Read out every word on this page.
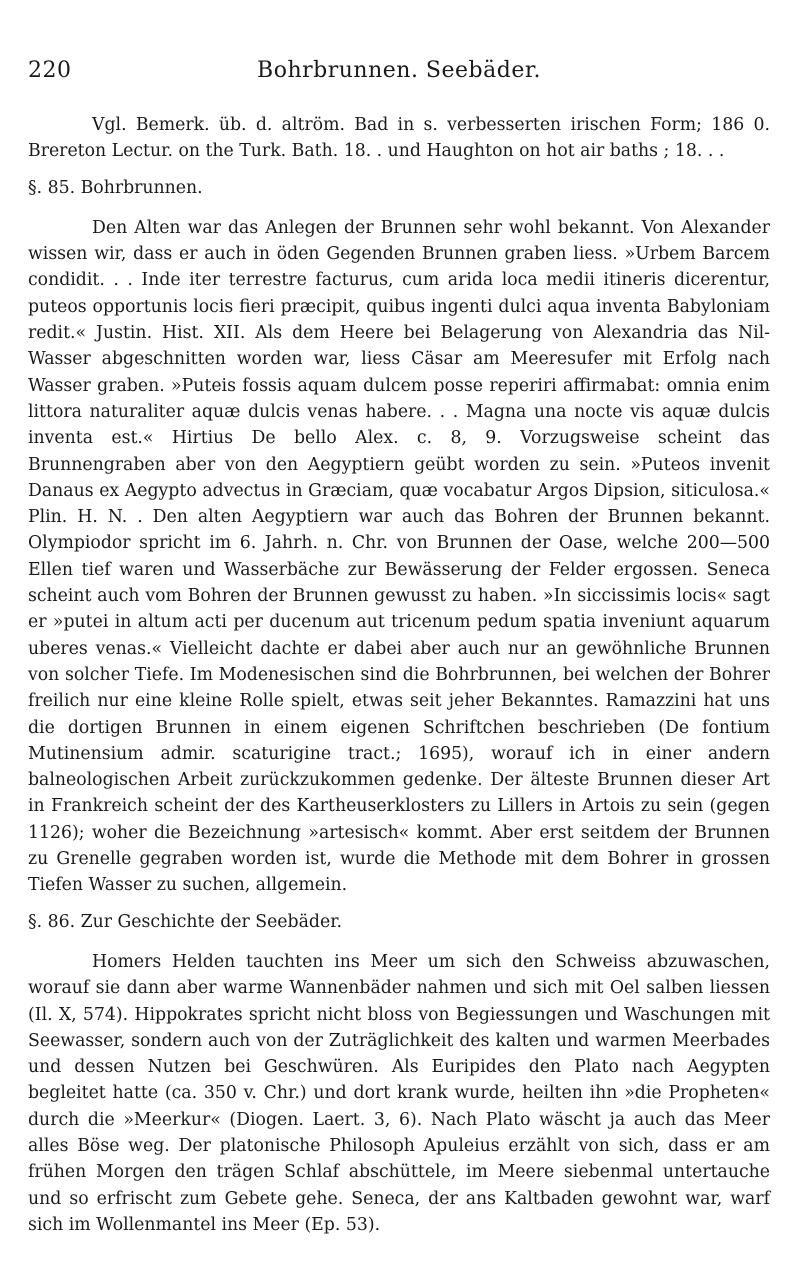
220	Bohrbrunnen. Seebäder.

Vgl. Bemerk. üb. d. altröm. Bad in s. verbesserten irischen Form; 186 0. Brereton Lectur. on the Turk. Bath. 18. . und Haughton on hot air baths ; 18. . .

§. 85. Bohrbrunnen.

Den Alten war das Anlegen der Brunnen sehr wohl bekannt. Von Alexander wissen wir, dass er auch in öden Gegenden Brunnen graben liess. »Urbem Barcem condidit. . . Inde iter terrestre facturus, cum arida loca medii itineris dicerentur, puteos opportunis locis fieri præcipit, quibus ingenti dulci aqua inventa Babyloniam redit.« Justin. Hist. XII. Als dem Heere bei Belagerung von Alexandria das Nil-Wasser abgeschnitten worden war, liess Cäsar am Meeresufer mit Erfolg nach Wasser graben. »Puteis fossis aquam dulcem posse reperiri affirmabat: omnia enim littora naturaliter aquæ dulcis venas habere. . . Magna una nocte vis aquæ dulcis inventa est.« Hirtius De bello Alex. c. 8, 9. Vorzugsweise scheint das Brunnengraben aber von den Aegyptiern geübt worden zu sein. »Puteos invenit Danaus ex Aegypto advectus in Græciam, quæ vocabatur Argos Dipsion, siticulosa.« Plin. H. N. . Den alten Aegyptiern war auch das Bohren der Brunnen bekannt. Olympiodor spricht im 6. Jahrh. n. Chr. von Brunnen der Oase, welche 200—500 Ellen tief waren und Wasserbäche zur Bewässerung der Felder ergossen. Seneca scheint auch vom Bohren der Brunnen gewusst zu haben. »In siccissimis locis« sagt er »putei in altum acti per ducenum aut tricenum pedum spatia inveniunt aquarum uberes venas.« Vielleicht dachte er dabei aber auch nur an gewöhnliche Brunnen von solcher Tiefe. Im Modenesischen sind die Bohrbrunnen, bei welchen der Bohrer freilich nur eine kleine Rolle spielt, etwas seit jeher Bekanntes. Ramazzini hat uns die dortigen Brunnen in einem eigenen Schriftchen beschrieben (De fontium Mutinensium admir. scaturigine tract.; 1695), worauf ich in einer andern balneologischen Arbeit zurückzukommen gedenke. Der älteste Brunnen dieser Art in Frankreich scheint der des Kartheuserklosters zu Lillers in Artois zu sein (gegen 1126); woher die Bezeichnung »artesisch« kommt. Aber erst seitdem der Brunnen zu Grenelle gegraben worden ist, wurde die Methode mit dem Bohrer in grossen Tiefen Wasser zu suchen, allgemein.

§. 86. Zur Geschichte der Seebäder.

Homers Helden tauchten ins Meer um sich den Schweiss abzuwaschen, worauf sie dann aber warme Wannenbäder nahmen und sich mit Oel salben liessen (Il. X, 574). Hippokrates spricht nicht bloss von Begiessungen und Waschungen mit Seewasser, sondern auch von der Zuträglichkeit des kalten und warmen Meerbades und dessen Nutzen bei Geschwüren. Als Euripides den Plato nach Aegypten begleitet hatte (ca. 350 v. Chr.) und dort krank wurde, heilten ihn »die Propheten« durch die »Meerkur« (Diogen. Laert. 3, 6). Nach Plato wäscht ja auch das Meer alles Böse weg. Der platonische Philosoph Apuleius erzählt von sich, dass er am frühen Morgen den trägen Schlaf abschüttele, im Meere siebenmal untertauche und so erfrischt zum Gebete gehe. Seneca, der ans Kaltbaden gewohnt war, warf sich im Wollenmantel ins Meer (Ep. 53).
